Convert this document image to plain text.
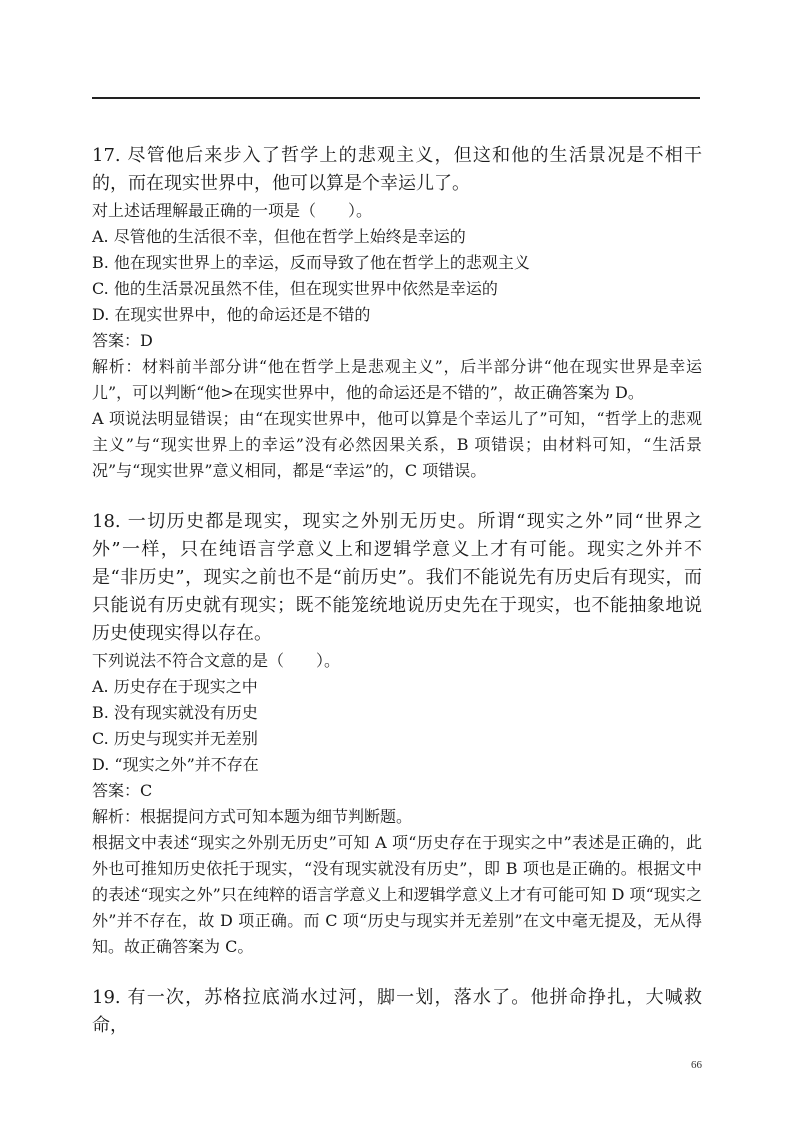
17. 尽管他后来步入了哲学上的悲观主义，但这和他的生活景况是不相干的，而在现实世界中，他可以算是个幸运儿了。

对上述话理解最正确的一项是（　　）。
A. 尽管他的生活很不幸，但他在哲学上始终是幸运的
B. 他在现实世界上的幸运，反而导致了他在哲学上的悲观主义
C. 他的生活景况虽然不佳，但在现实世界中依然是幸运的
D. 在现实世界中，他的命运还是不错的
答案：D

解析：材料前半部分讲“他在哲学上是悲观主义”，后半部分讲“他在现实世界是幸运儿”，可以判断“他>在现实世界中，他的命运还是不错的”，故正确答案为 D。

A 项说法明显错误；由“在现实世界中，他可以算是个幸运儿了”可知，“哲学上的悲观主义”与“现实世界上的幸运”没有必然因果关系，B 项错误；由材料可知，“生活景况”与“现实世界”意义相同，都是“幸运”的，C 项错误。

18. 一切历史都是现实，现实之外别无历史。所谓“现实之外”同“世界之外”一样，只在纯语言学意义上和逻辑学意义上才有可能。现实之外并不是“非历史”，现实之前也不是“前历史”。我们不能说先有历史后有现实，而只能说有历史就有现实；既不能笼统地说历史先在于现实，也不能抽象地说历史使现实得以存在。

下列说法不符合文意的是（　　）。
A. 历史存在于现实之中
B. 没有现实就没有历史
C. 历史与现实并无差别
D. “现实之外”并不存在
答案：C
解析：根据提问方式可知本题为细节判断题。

根据文中表述“现实之外别无历史”可知 A 项“历史存在于现实之中”表述是正确的，此外也可推知历史依托于现实，“没有现实就没有历史”，即 B 项也是正确的。根据文中的表述“现实之外”只在纯粹的语言学意义上和逻辑学意义上才有可能可知 D 项“现实之外”并不存在，故 D 项正确。而 C 项“历史与现实并无差别”在文中毫无提及，无从得知。故正确答案为 C。

19. 有一次，苏格拉底淌水过河，脚一划，落水了。他拼命挣扎，大喊救命，

66
